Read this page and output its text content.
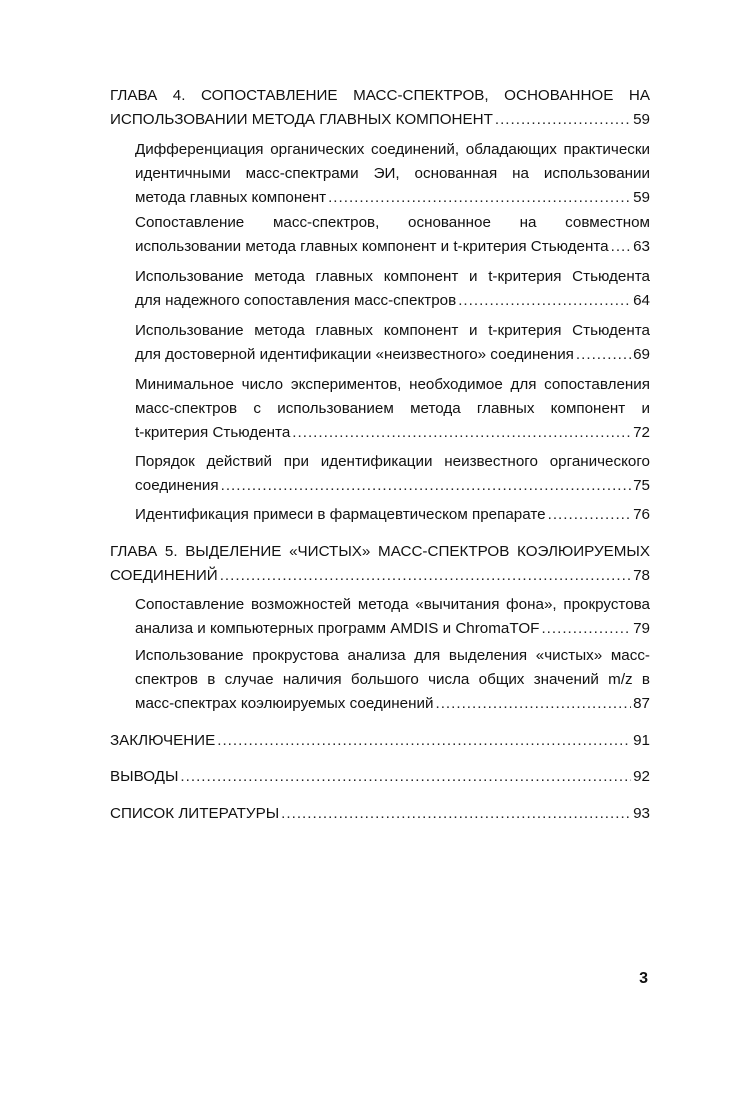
ГЛАВА 4. СОПОСТАВЛЕНИЕ МАСС-СПЕКТРОВ, ОСНОВАННОЕ НА
ИСПОЛЬЗОВАНИИ МЕТОДА ГЛАВНЫХ КОМПОНЕНТ .....	59
Дифференциация органических соединений, обладающих практически
идентичными масс-спектрами ЭИ, основанная на использовании
метода главных компонент .....	59
Сопоставление масс-спектров, основанное на совместном
использовании метода главных компонент и t-критерия Стьюдента ..... 63
Использование метода главных компонент и t-критерия Стьюдента
для надежного сопоставления масс-спектров .....	64
Использование метода главных компонент и t-критерия Стьюдента
для достоверной идентификации «неизвестного» соединения .....	69
Минимальное число экспериментов, необходимое для сопоставления
масс-спектров с использованием метода главных компонент и
t-критерия Стьюдента .....	72
Порядок действий при идентификации неизвестного органического
соединения .....	75
Идентификация примеси в фармацевтическом препарате .....	76
ГЛАВА 5. ВЫДЕЛЕНИЕ «ЧИСТЫХ» МАСС-СПЕКТРОВ КОЭЛЮИРУЕМЫХ
СОЕДИНЕНИЙ .....	78
Сопоставление возможностей метода «вычитания фона», прокрустова
анализа и компьютерных программ AMDIS и ChromaTOF .....	79
Использование прокрустова анализа для выделения «чистых» масс-
спектров в случае наличия большого числа общих значений m/z в
масс-спектрах коэлюируемых соединений .....	87
ЗАКЛЮЧЕНИЕ .....	91
ВЫВОДЫ .....	92
СПИСОК ЛИТЕРАТУРЫ .....	93
3
